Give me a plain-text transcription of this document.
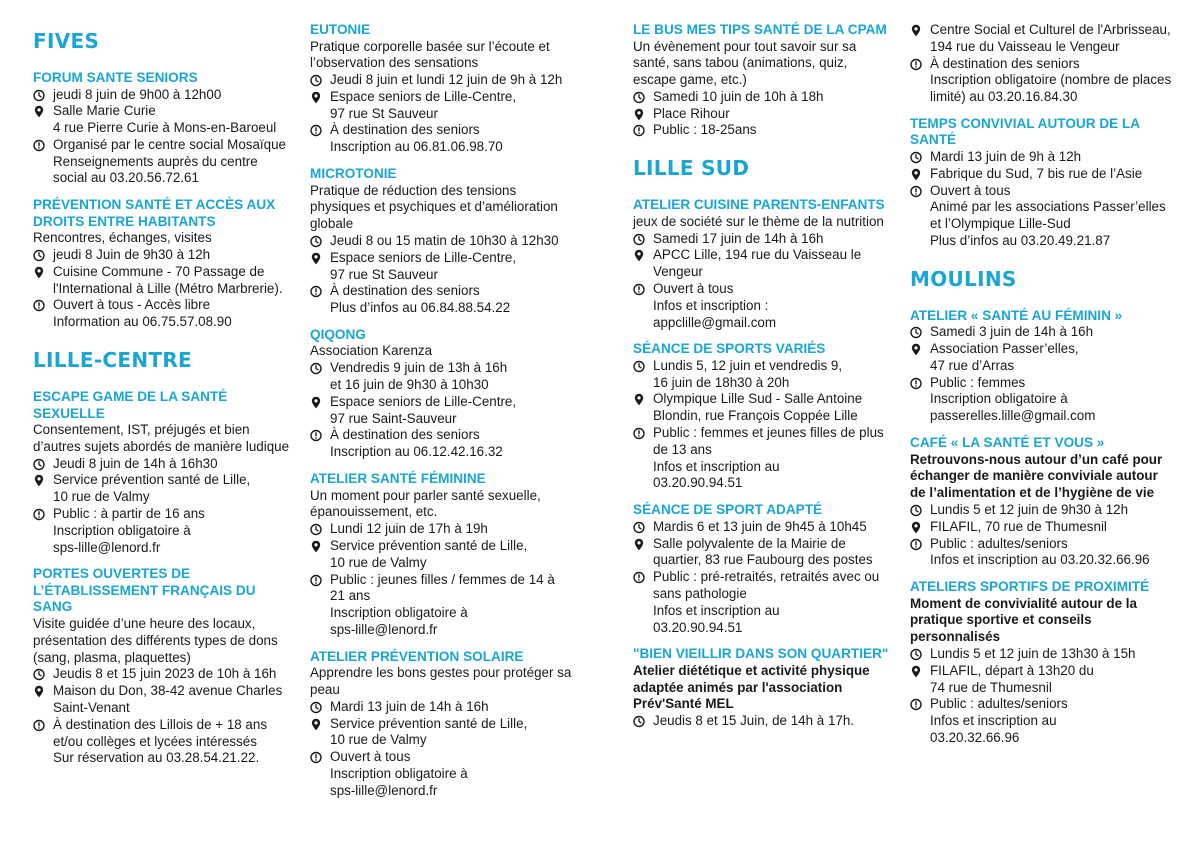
FIVES

FORUM SANTE SENIORS
jeudi 8 juin de 9h00 à 12h00
Salle Marie Curie
4 rue Pierre Curie à Mons-en-Baroeul
Organisé par le centre social Mosaïque
Renseignements auprès du centre social au 03.20.56.72.61
PRÉVENTION SANTÉ ET ACCÈS AUX DROITS ENTRE HABITANTS
Rencontres, échanges, visites
jeudi 8 Juin de 9h30 à 12h
Cuisine Commune - 70 Passage de l'International à Lille (Métro Marbrerie).
Ouvert à tous - Accès libre
Information au 06.75.57.08.90
LILLE-CENTRE

ESCAPE GAME DE LA SANTÉ SEXUELLE
Consentement, IST, préjugés et bien d’autres sujets abordés de manière ludique
Jeudi 8 juin de 14h à 16h30
Service prévention santé de Lille,
10 rue de Valmy
Public : à partir de 16 ans
Inscription obligatoire à
sps-lille@lenord.fr
PORTES OUVERTES DE L’ÉTABLISSEMENT FRANÇAIS DU SANG
Visite guidée d’une heure des locaux, présentation des différents types de dons (sang, plasma, plaquettes)
Jeudis 8 et 15 juin 2023 de 10h à 16h
Maison du Don, 38-42 avenue Charles Saint-Venant
À destination des Lillois de + 18 ans et/ou collèges et lycées intéressés
Sur réservation au 03.28.54.21.22.
EUTONIE
Pratique corporelle basée sur l’écoute et l’observation des sensations
Jeudi 8 juin et lundi 12 juin de 9h à 12h
Espace seniors de Lille-Centre,
97 rue St Sauveur
À destination des seniors
Inscription au 06.81.06.98.70
MICROTONIE
Pratique de réduction des tensions physiques et psychiques et d’amélioration globale
Jeudi 8 ou 15 matin de 10h30 à 12h30
Espace seniors de Lille-Centre,
97 rue St Sauveur
À destination des seniors
Plus d’infos au 06.84.88.54.22
QIQONG
Association Karenza
Vendredis 9 juin de 13h à 16h
et 16 juin de 9h30 à 10h30
Espace seniors de Lille-Centre,
97 rue Saint-Sauveur
À destination des seniors
Inscription au 06.12.42.16.32
ATELIER SANTÉ FÉMININE
Un moment pour parler santé sexuelle, épanouissement, etc.
Lundi 12 juin de 17h à 19h
Service prévention santé de Lille,
10 rue de Valmy
Public : jeunes filles / femmes de 14 à 21 ans
Inscription obligatoire à
sps-lille@lenord.fr
ATELIER PRÉVENTION SOLAIRE
Apprendre les bons gestes pour protéger sa peau
Mardi 13 juin de 14h à 16h
Service prévention santé de Lille,
10 rue de Valmy
Ouvert à tous
Inscription obligatoire à
sps-lille@lenord.fr
LE BUS MES TIPS SANTÉ DE LA CPAM
Un évènement pour tout savoir sur sa santé, sans tabou (animations, quiz, escape game, etc.)
Samedi 10 juin de 10h à 18h
Place Rihour
Public : 18-25ans
LILLE SUD

ATELIER CUISINE PARENTS-ENFANTS
jeux de société sur le thème de la nutrition
Samedi 17 juin de 14h à 16h
APCC Lille, 194 rue du Vaisseau le Vengeur
Ouvert à tous
Infos et inscription :
appclille@gmail.com
SÉANCE DE SPORTS VARIÉS
Lundis 5, 12 juin et vendredis 9,
16 juin de 18h30 à 20h
Olympique Lille Sud - Salle Antoine Blondin, rue François Coppée Lille
Public : femmes et jeunes filles de plus de 13 ans
Infos et inscription au
03.20.90.94.51
SÉANCE DE SPORT ADAPTÉ
Mardis 6 et 13 juin de 9h45 à 10h45
Salle polyvalente de la Mairie de quartier, 83 rue Faubourg des postes
Public : pré-retraités, retraités avec ou sans pathologie
Infos et inscription au
03.20.90.94.51
"BIEN VIEILLIR DANS SON QUARTIER"
Atelier diététique et activité physique adaptée animés par l'association Prév'Santé MEL
Jeudis 8 et 15 Juin, de 14h à 17h.
Centre Social et Culturel de l'Arbrisseau, 194 rue du Vaisseau le Vengeur
À destination des seniors
Inscription obligatoire (nombre de places limité) au 03.20.16.84.30
TEMPS CONVIVIAL AUTOUR DE LA SANTÉ
Mardi 13 juin de 9h à 12h
Fabrique du Sud, 7 bis rue de l’Asie
Ouvert à tous
Animé par les associations Passer’elles et l’Olympique Lille-Sud
Plus d’infos au 03.20.49.21.87
MOULINS

ATELIER « SANTÉ AU FÉMININ »
Samedi 3 juin de 14h à 16h
Association Passer’elles,
47 rue d’Arras
Public : femmes
Inscription obligatoire à
passerelles.lille@gmail.com
CAFÉ « LA SANTÉ ET VOUS »
Retrouvons-nous autour d’un café pour échanger de manière conviviale autour de l’alimentation et de l’hygiène de vie
Lundis 5 et 12 juin de 9h30 à 12h
FILAFIL, 70 rue de Thumesnil
Public : adultes/seniors
Infos et inscription au 03.20.32.66.96
ATELIERS SPORTIFS DE PROXIMITÉ
Moment de convivialité autour de la pratique sportive et conseils personnalisés
Lundis 5 et 12 juin de 13h30 à 15h
FILAFIL, départ à 13h20 du
74 rue de Thumesnil
Public : adultes/seniors
Infos et inscription au
03.20.32.66.96
